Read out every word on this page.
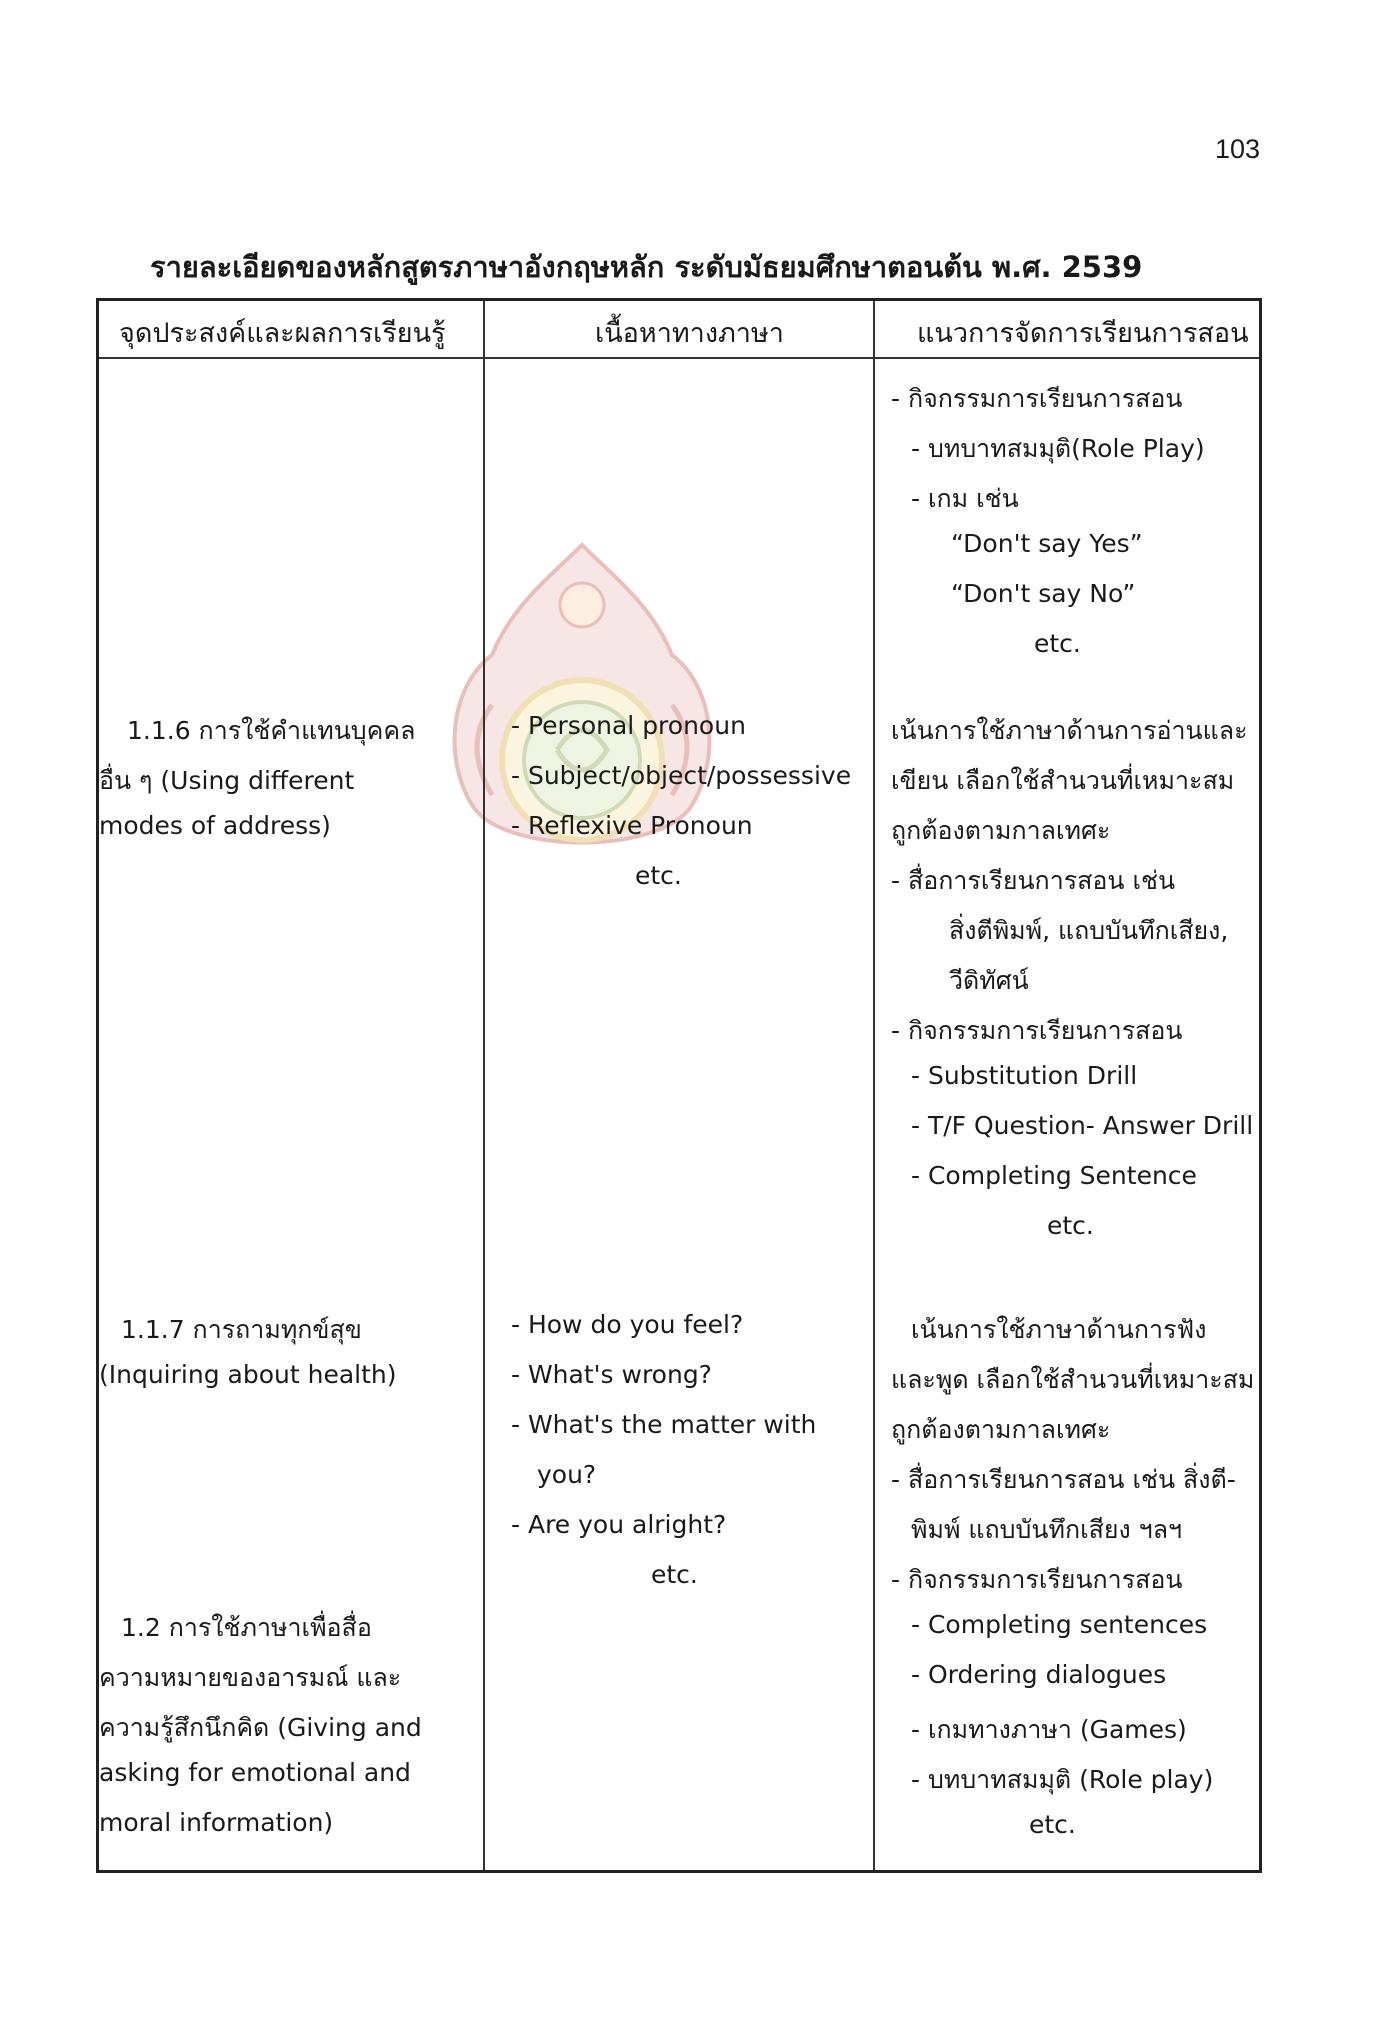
103
รายละเอียดของหลักสูตรภาษาอังกฤษหลัก ระดับมัธยมศึกษาตอนต้น พ.ศ. 2539
จุดประสงค์และผลการเรียนรู้	เนื้อหาทางภาษา	แนวการจัดการเรียนการสอน
1.1.6 การใช้คำแทนบุคคล
อื่น ๆ (Using different
modes of address)
1.1.7 การถามทุกข์สุข
(Inquiring about health)
1.2 การใช้ภาษาเพื่อสื่อ
ความหมายของอารมณ์ และ
ความรู้สึกนึกคิด (Giving and
asking for emotional and
moral information)
- Personal pronoun
- Subject/object/possessive
- Reflexive Pronoun
etc.
- How do you feel?
- What's wrong?
- What's the matter with
you?
- Are you alright?
etc.
- กิจกรรมการเรียนการสอน
- บทบาทสมมุติ(Role Play)
- เกม เช่น
“Don't say Yes”
“Don't say No”
etc.
เน้นการใช้ภาษาด้านการอ่านและ
เขียน เลือกใช้สำนวนที่เหมาะสม
ถูกต้องตามกาลเทศะ
- สื่อการเรียนการสอน เช่น
สิ่งตีพิมพ์, แถบบันทึกเสียง,
วีดิทัศน์
- กิจกรรมการเรียนการสอน
- Substitution Drill
- T/F Question- Answer Drill
- Completing Sentence
etc.
เน้นการใช้ภาษาด้านการฟัง
และพูด เลือกใช้สำนวนที่เหมาะสม
ถูกต้องตามกาลเทศะ
- สื่อการเรียนการสอน เช่น สิ่งตี-
พิมพ์ แถบบันทึกเสียง ฯลฯ
- กิจกรรมการเรียนการสอน
- Completing sentences
- Ordering dialogues
- เกมทางภาษา (Games)
- บทบาทสมมุติ (Role play)
etc.
